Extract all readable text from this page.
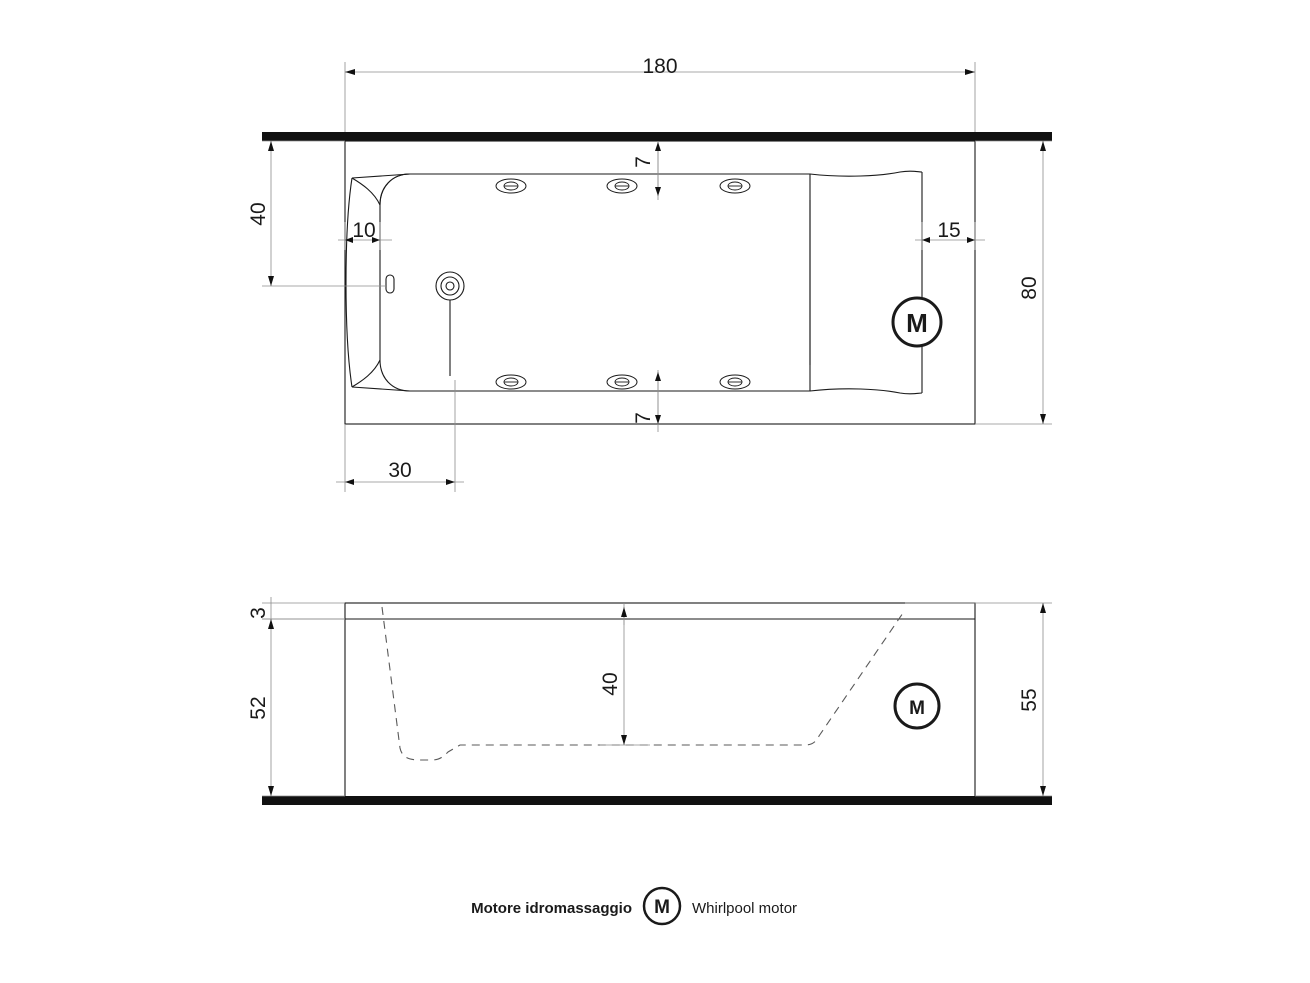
180
M
40
10	15
80
7
7
30
M
3
52
40
55
Motore idromassaggio M Whirlpool motor
